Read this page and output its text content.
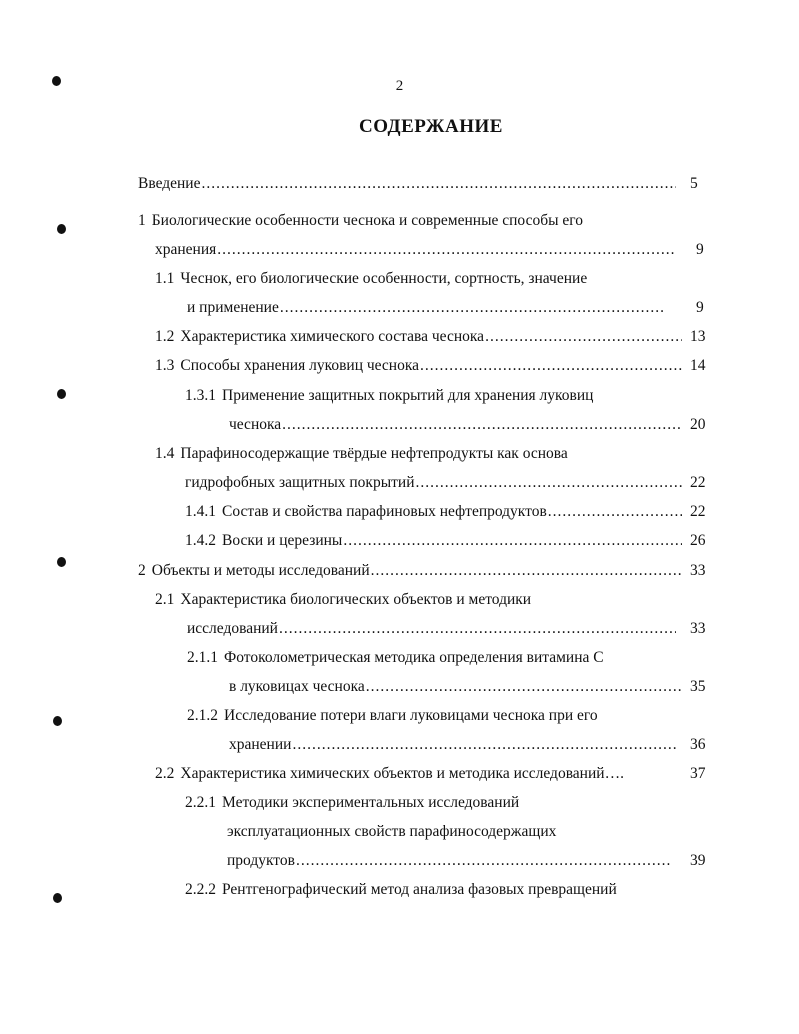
2
СОДЕРЖАНИЕ
Введение .....	5
1 Биологические особенности чеснока и современные способы его
хранения .....	9
1.1 Чеснок, его биологические особенности, сортность, значение
и применение .....	9
1.2 Характеристика химического состава чеснока .....	13
1.3 Способы хранения луковиц чеснока .....	14
1.3.1 Применение защитных покрытий для хранения луковиц
чеснока .....	20
1.4 Парафиносодержащие твёрдые нефтепродукты как основа
гидрофобных защитных покрытий .....	22
1.4.1 Состав и свойства парафиновых нефтепродуктов .....	22
1.4.2 Воски и церезины .....	26
2 Объекты и методы исследований .....	33
2.1 Характеристика биологических объектов и методики
исследований .....	33
2.1.1 Фотоколометрическая методика определения витамина С
в луковицах чеснока .....	35
2.1.2 Исследование потери влаги луковицами чеснока при его
хранении .....	36
2.2 Характеристика химических объектов и методика исследований….	37
2.2.1 Методики экспериментальных исследований
эксплуатационных свойств парафиносодержащих
продуктов .....	39
2.2.2 Рентгенографический метод анализа фазовых превращений
